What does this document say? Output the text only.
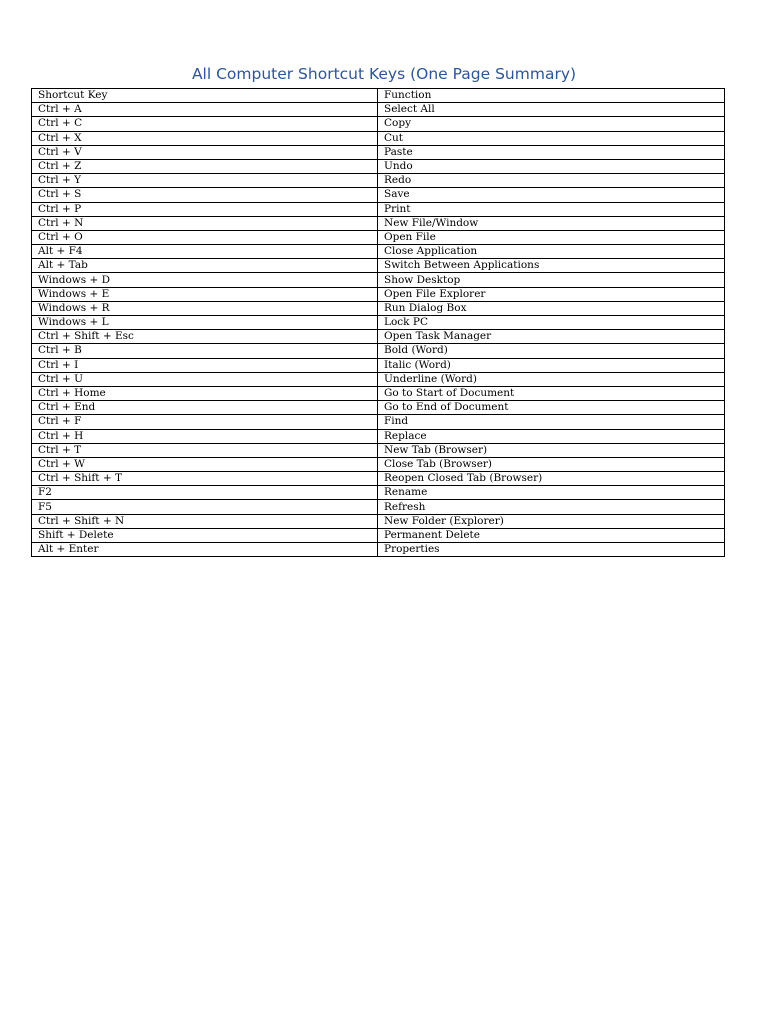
All Computer Shortcut Keys (One Page Summary)
Shortcut Key	Function
Ctrl + A	Select All
Ctrl + C	Copy
Ctrl + X	Cut
Ctrl + V	Paste
Ctrl + Z	Undo
Ctrl + Y	Redo
Ctrl + S	Save
Ctrl + P	Print
Ctrl + N	New File/Window
Ctrl + O	Open File
Alt + F4	Close Application
Alt + Tab	Switch Between Applications
Windows + D	Show Desktop
Windows + E	Open File Explorer
Windows + R	Run Dialog Box
Windows + L	Lock PC
Ctrl + Shift + Esc	Open Task Manager
Ctrl + B	Bold (Word)
Ctrl + I	Italic (Word)
Ctrl + U	Underline (Word)
Ctrl + Home	Go to Start of Document
Ctrl + End	Go to End of Document
Ctrl + F	Find
Ctrl + H	Replace
Ctrl + T	New Tab (Browser)
Ctrl + W	Close Tab (Browser)
Ctrl + Shift + T	Reopen Closed Tab (Browser)
F2	Rename
F5	Refresh
Ctrl + Shift + N	New Folder (Explorer)
Shift + Delete	Permanent Delete
Alt + Enter	Properties
